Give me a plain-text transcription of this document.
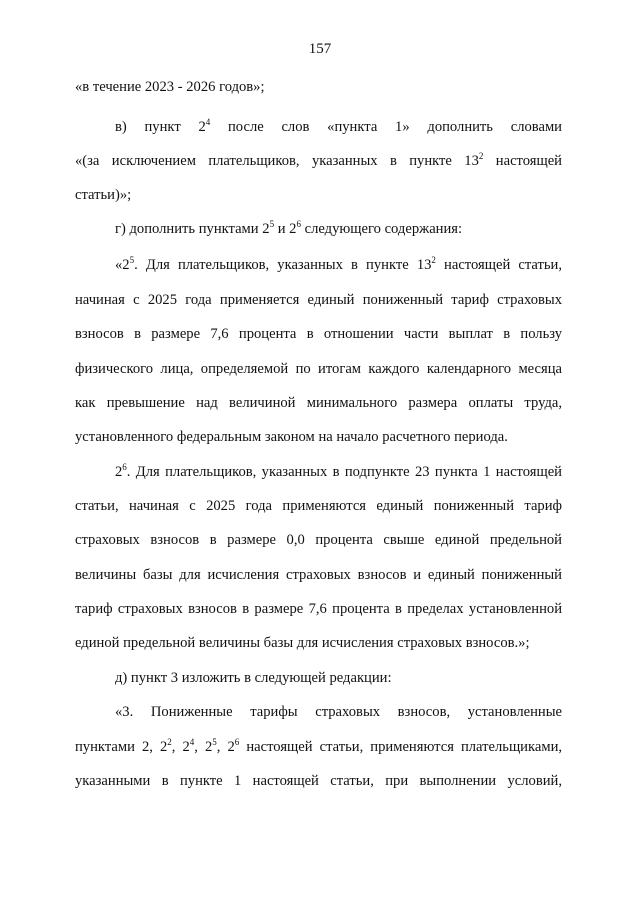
157
«в течение 2023 - 2026 годов»;
в) пункт $2^4$ после слов «пункта 1» дополнить словами
«(за исключением плательщиков, указанных в пункте $13^2$ настоящей
статьи)»;
г) дополнить пунктами $2^5$ и $2^6$ следующего содержания:
«$2^5$. Для плательщиков, указанных в пункте $13^2$ настоящей статьи,
начиная с 2025 года применяется единый пониженный тариф страховых
взносов в размере 7,6 процента в отношении части выплат в пользу
физического лица, определяемой по итогам каждого календарного месяца
как превышение над величиной минимального размера оплаты труда,
установленного федеральным законом на начало расчетного периода.
$2^6$. Для плательщиков, указанных в подпункте 23 пункта 1 настоящей
статьи, начиная с 2025 года применяются единый пониженный тариф
страховых взносов в размере 0,0 процента свыше единой предельной
величины базы для исчисления страховых взносов и единый пониженный
тариф страховых взносов в размере 7,6 процента в пределах установленной
единой предельной величины базы для исчисления страховых взносов.»;
д) пункт 3 изложить в следующей редакции:
«3. Пониженные тарифы страховых взносов, установленные
пунктами 2, $2^2$, $2^4$, $2^5$, $2^6$ настоящей статьи, применяются плательщиками,
указанными в пункте 1 настоящей статьи, при выполнении условий,
